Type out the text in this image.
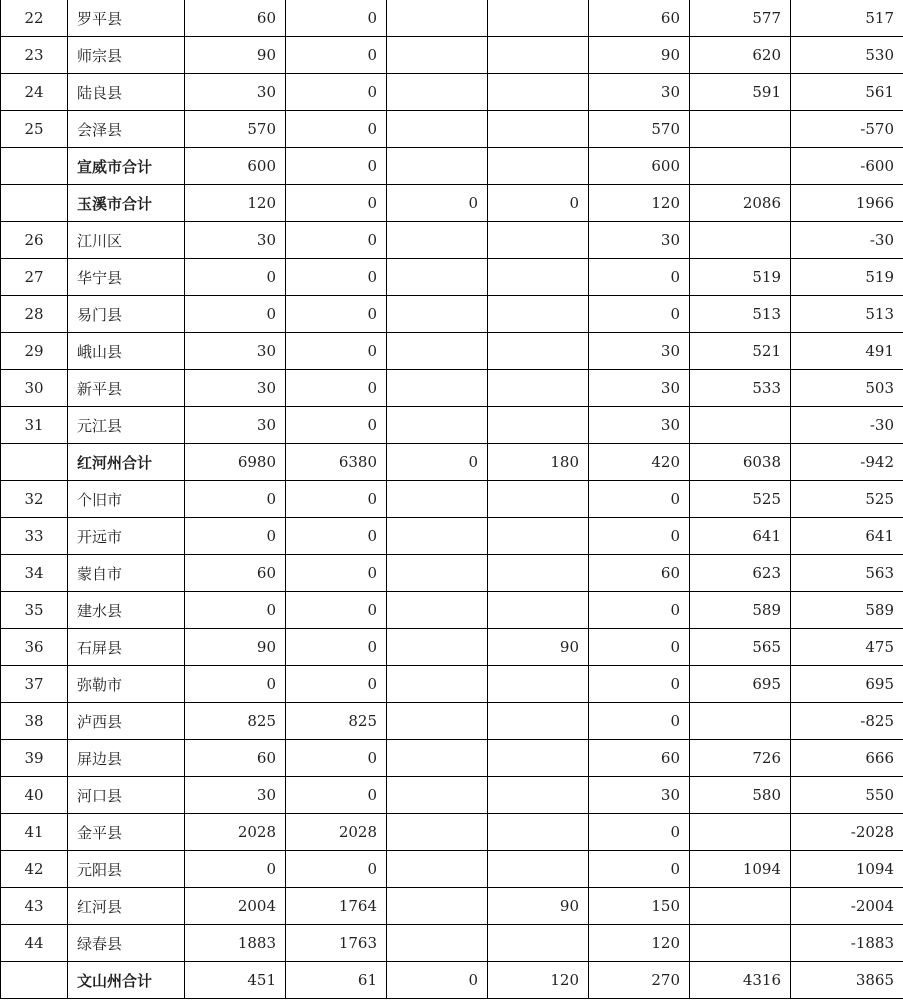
22	罗平县	60	0			60	577	517
23	师宗县	90	0			90	620	530
24	陆良县	30	0			30	591	561
25	会泽县	570	0			570		-570
	宣威市合计	600	0			600		-600
	玉溪市合计	120	0	0	0	120	2086	1966
26	江川区	30	0			30		-30
27	华宁县	0	0			0	519	519
28	易门县	0	0			0	513	513
29	峨山县	30	0			30	521	491
30	新平县	30	0			30	533	503
31	元江县	30	0			30		-30
	红河州合计	6980	6380	0	180	420	6038	-942
32	个旧市	0	0			0	525	525
33	开远市	0	0			0	641	641
34	蒙自市	60	0			60	623	563
35	建水县	0	0			0	589	589
36	石屏县	90	0		90	0	565	475
37	弥勒市	0	0			0	695	695
38	泸西县	825	825			0		-825
39	屏边县	60	0			60	726	666
40	河口县	30	0			30	580	550
41	金平县	2028	2028			0		-2028
42	元阳县	0	0			0	1094	1094
43	红河县	2004	1764		90	150		-2004
44	绿春县	1883	1763			120		-1883
	文山州合计	451	61	0	120	270	4316	3865
